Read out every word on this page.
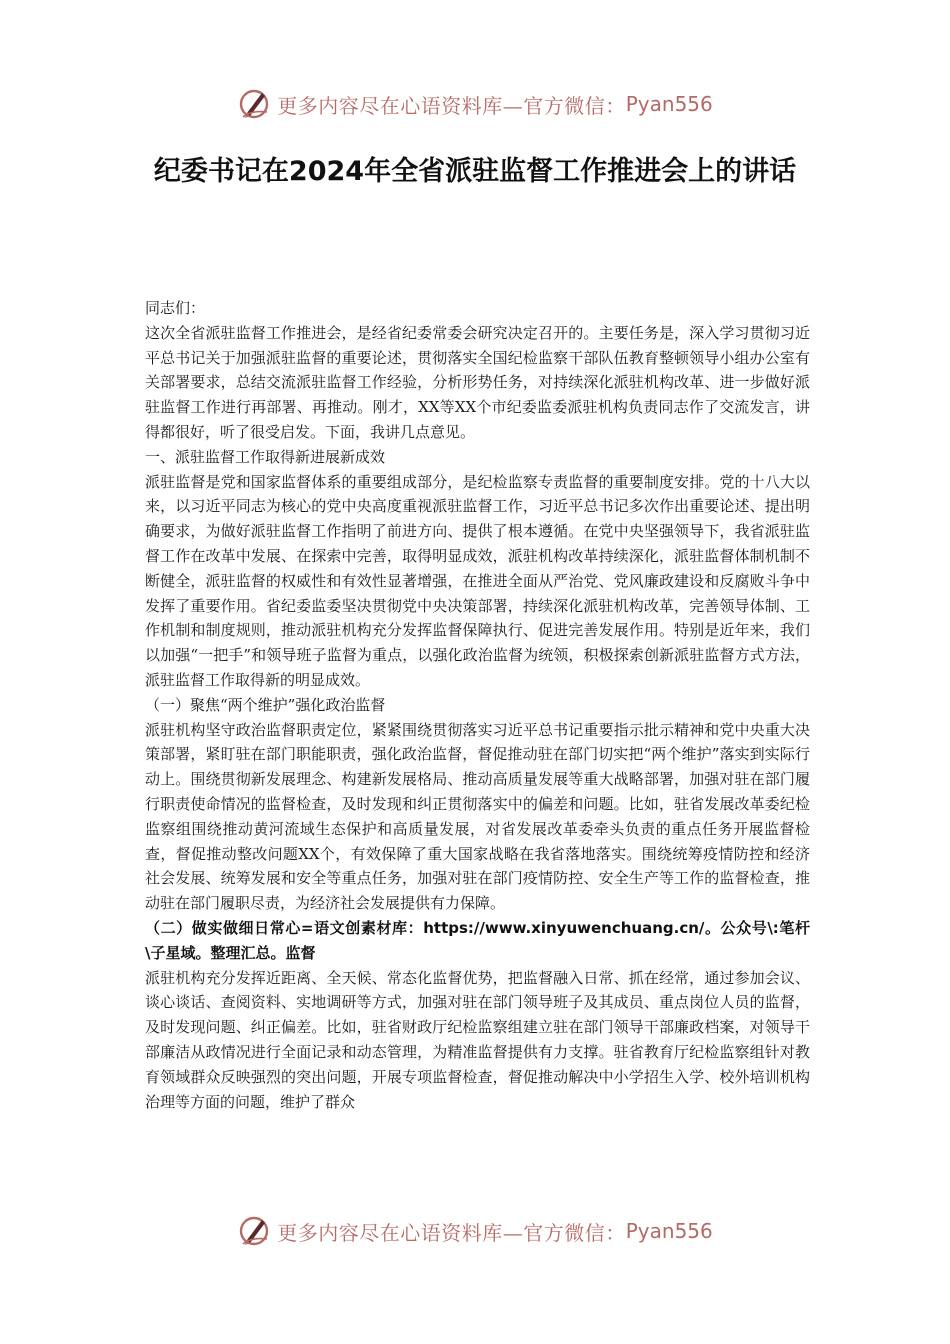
更多内容尽在心语资料库—官方微信： Pyan556
纪委书记在2024年全省派驻监督工作推进会上的讲话

同志们：

这次全省派驻监督工作推进会，是经省纪委常委会研究决定召开的。主要任务是，深入学习贯彻习近平总书记关于加强派驻监督的重要论述，贯彻落实全国纪检监察干部队伍教育整顿领导小组办公室有关部署要求，总结交流派驻监督工作经验，分析形势任务，对持续深化派驻机构改革、进一步做好派驻监督工作进行再部署、再推动。刚才，XX等XX个市纪委监委派驻机构负责同志作了交流发言，讲得都很好，听了很受启发。下面，我讲几点意见。

一、派驻监督工作取得新进展新成效

派驻监督是党和国家监督体系的重要组成部分，是纪检监察专责监督的重要制度安排。党的十八大以来，以习近平同志为核心的党中央高度重视派驻监督工作，习近平总书记多次作出重要论述、提出明确要求，为做好派驻监督工作指明了前进方向、提供了根本遵循。在党中央坚强领导下，我省派驻监督工作在改革中发展、在探索中完善，取得明显成效，派驻机构改革持续深化，派驻监督体制机制不断健全，派驻监督的权威性和有效性显著增强，在推进全面从严治党、党风廉政建设和反腐败斗争中发挥了重要作用。省纪委监委坚决贯彻党中央决策部署，持续深化派驻机构改革，完善领导体制、工作机制和制度规则，推动派驻机构充分发挥监督保障执行、促进完善发展作用。特别是近年来，我们以加强“一把手”和领导班子监督为重点，以强化政治监督为统领，积极探索创新派驻监督方式方法，派驻监督工作取得新的明显成效。

（一）聚焦“两个维护”强化政治监督

派驻机构坚守政治监督职责定位，紧紧围绕贯彻落实习近平总书记重要指示批示精神和党中央重大决策部署，紧盯驻在部门职能职责，强化政治监督，督促推动驻在部门切实把“两个维护”落实到实际行动上。围绕贯彻新发展理念、构建新发展格局、推动高质量发展等重大战略部署，加强对驻在部门履行职责使命情况的监督检查，及时发现和纠正贯彻落实中的偏差和问题。比如，驻省发展改革委纪检监察组围绕推动黄河流域生态保护和高质量发展，对省发展改革委牵头负责的重点任务开展监督检查，督促推动整改问题XX个，有效保障了重大国家战略在我省落地落实。围绕统筹疫情防控和经济社会发展、统筹发展和安全等重点任务，加强对驻在部门疫情防控、安全生产等工作的监督检查，推动驻在部门履职尽责，为经济社会发展提供有力保障。

（二）做实做细日常心=语文创素材库：https://www.xinyuwenchuang.cn/。公众号\:笔杆\子星域。整理汇总。监督

派驻机构充分发挥近距离、全天候、常态化监督优势，把监督融入日常、抓在经常，通过参加会议、谈心谈话、查阅资料、实地调研等方式，加强对驻在部门领导班子及其成员、重点岗位人员的监督，及时发现问题、纠正偏差。比如，驻省财政厅纪检监察组建立驻在部门领导干部廉政档案，对领导干部廉洁从政情况进行全面记录和动态管理，为精准监督提供有力支撑。驻省教育厅纪检监察组针对教育领域群众反映强烈的突出问题，开展专项监督检查，督促推动解决中小学招生入学、校外培训机构治理等方面的问题，维护了群众

更多内容尽在心语资料库—官方微信： Pyan556
